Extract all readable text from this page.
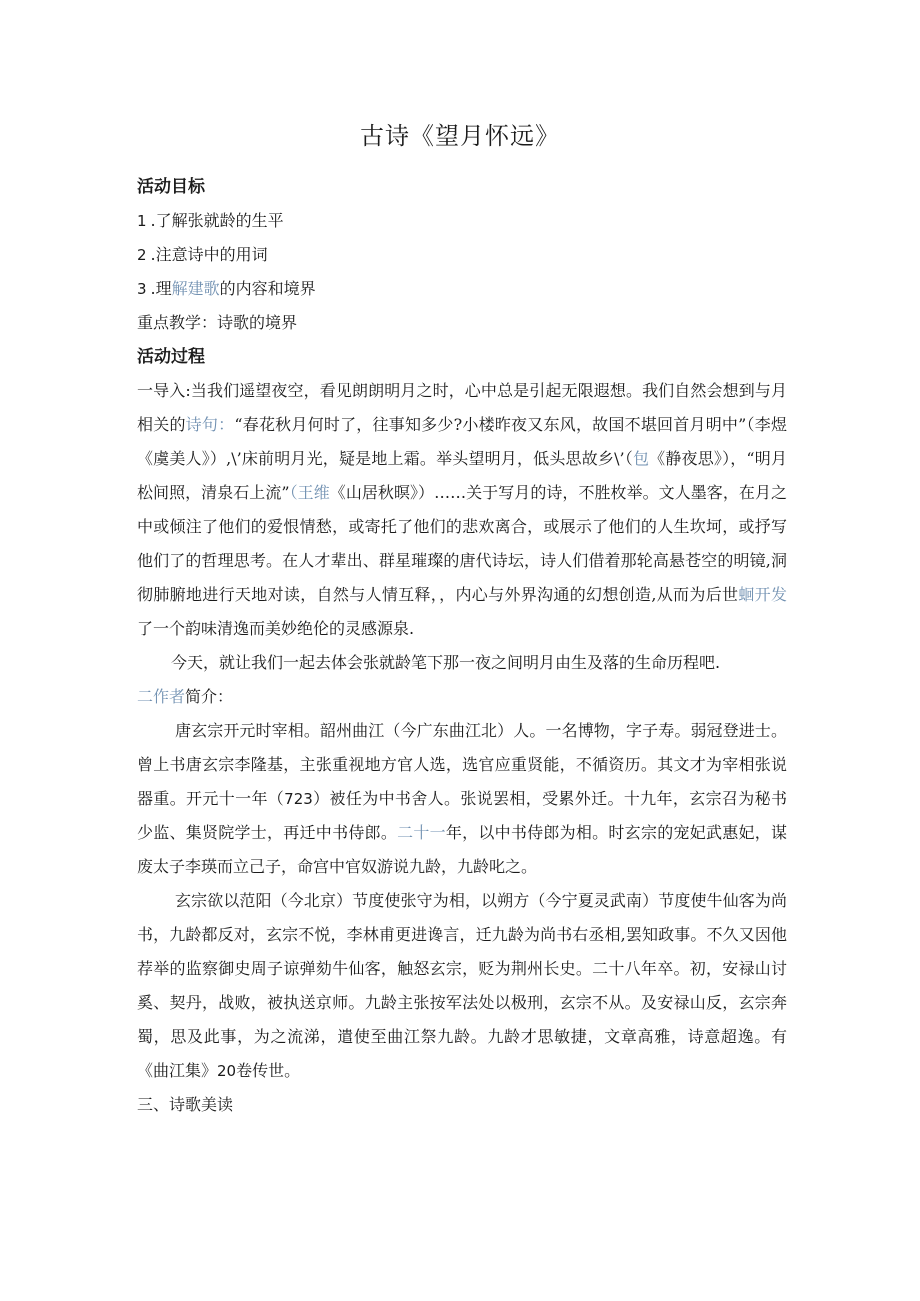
古诗《望月怀远》
活动目标
1 .了解张就龄的生平
2 .注意诗中的用词
3 .理解建歌的内容和境界
重点教学：诗歌的境界
活动过程

一导入:当我们遥望夜空，看见朗朗明月之时，心中总是引起无限遐想。我们自然会想到与月相关的诗句：“春花秋月何时了，往事知多少?小楼昨夜又东风，故国不堪回首月明中”（李煜《虞美人》）,\’床前明月光，疑是地上霜。举头望明月，低头思故乡\’（包《静夜思》），“明月松间照，清泉石上流”（王维《山居秋暝》）……关于写月的诗，不胜枚举。文人墨客，在月之中或倾注了他们的爱恨情愁，或寄托了他们的悲欢离合，或展示了他们的人生坎坷，或抒写他们了的哲理思考。在人才辈出、群星璀璨的唐代诗坛，诗人们借着那轮高悬苍空的明镜,洞彻肺腑地进行天地对读，自然与人情互释，，内心与外界沟通的幻想创造,从而为后世蛔开发了一个韵味清逸而美妙绝伦的灵感源泉.

今天，就让我们一起去体会张就龄笔下那一夜之间明月由生及落的生命历程吧.

二作者简介：

唐玄宗开元时宰相。韶州曲江（今广东曲江北）人。一名博物，字子寿。弱冠登进士。曾上书唐玄宗李隆基，主张重视地方官人选，选官应重贤能，不循资历。其文才为宰相张说器重。开元十一年（723）被任为中书舍人。张说罢相，受累外迁。十九年，玄宗召为秘书少监、集贤院学士，再迁中书侍郎。二十一年，以中书侍郎为相。时玄宗的宠妃武惠妃，谋废太子李瑛而立己子，命宫中官奴游说九龄，九龄叱之。

玄宗欲以范阳（今北京）节度使张守为相，以朔方（今宁夏灵武南）节度使牛仙客为尚书，九龄都反对，玄宗不悦，李林甫更进谗言，迁九龄为尚书右丞相,罢知政事。不久又因他荐举的监察御史周子谅弹劾牛仙客，触怒玄宗，贬为荆州长史。二十八年卒。初，安禄山讨奚、契丹，战败，被执送京师。九龄主张按军法处以极刑，玄宗不从。及安禄山反，玄宗奔蜀，思及此事，为之流涕，遣使至曲江祭九龄。九龄才思敏捷，文章高雅，诗意超逸。有《曲江集》20卷传世。

三、诗歌美读
